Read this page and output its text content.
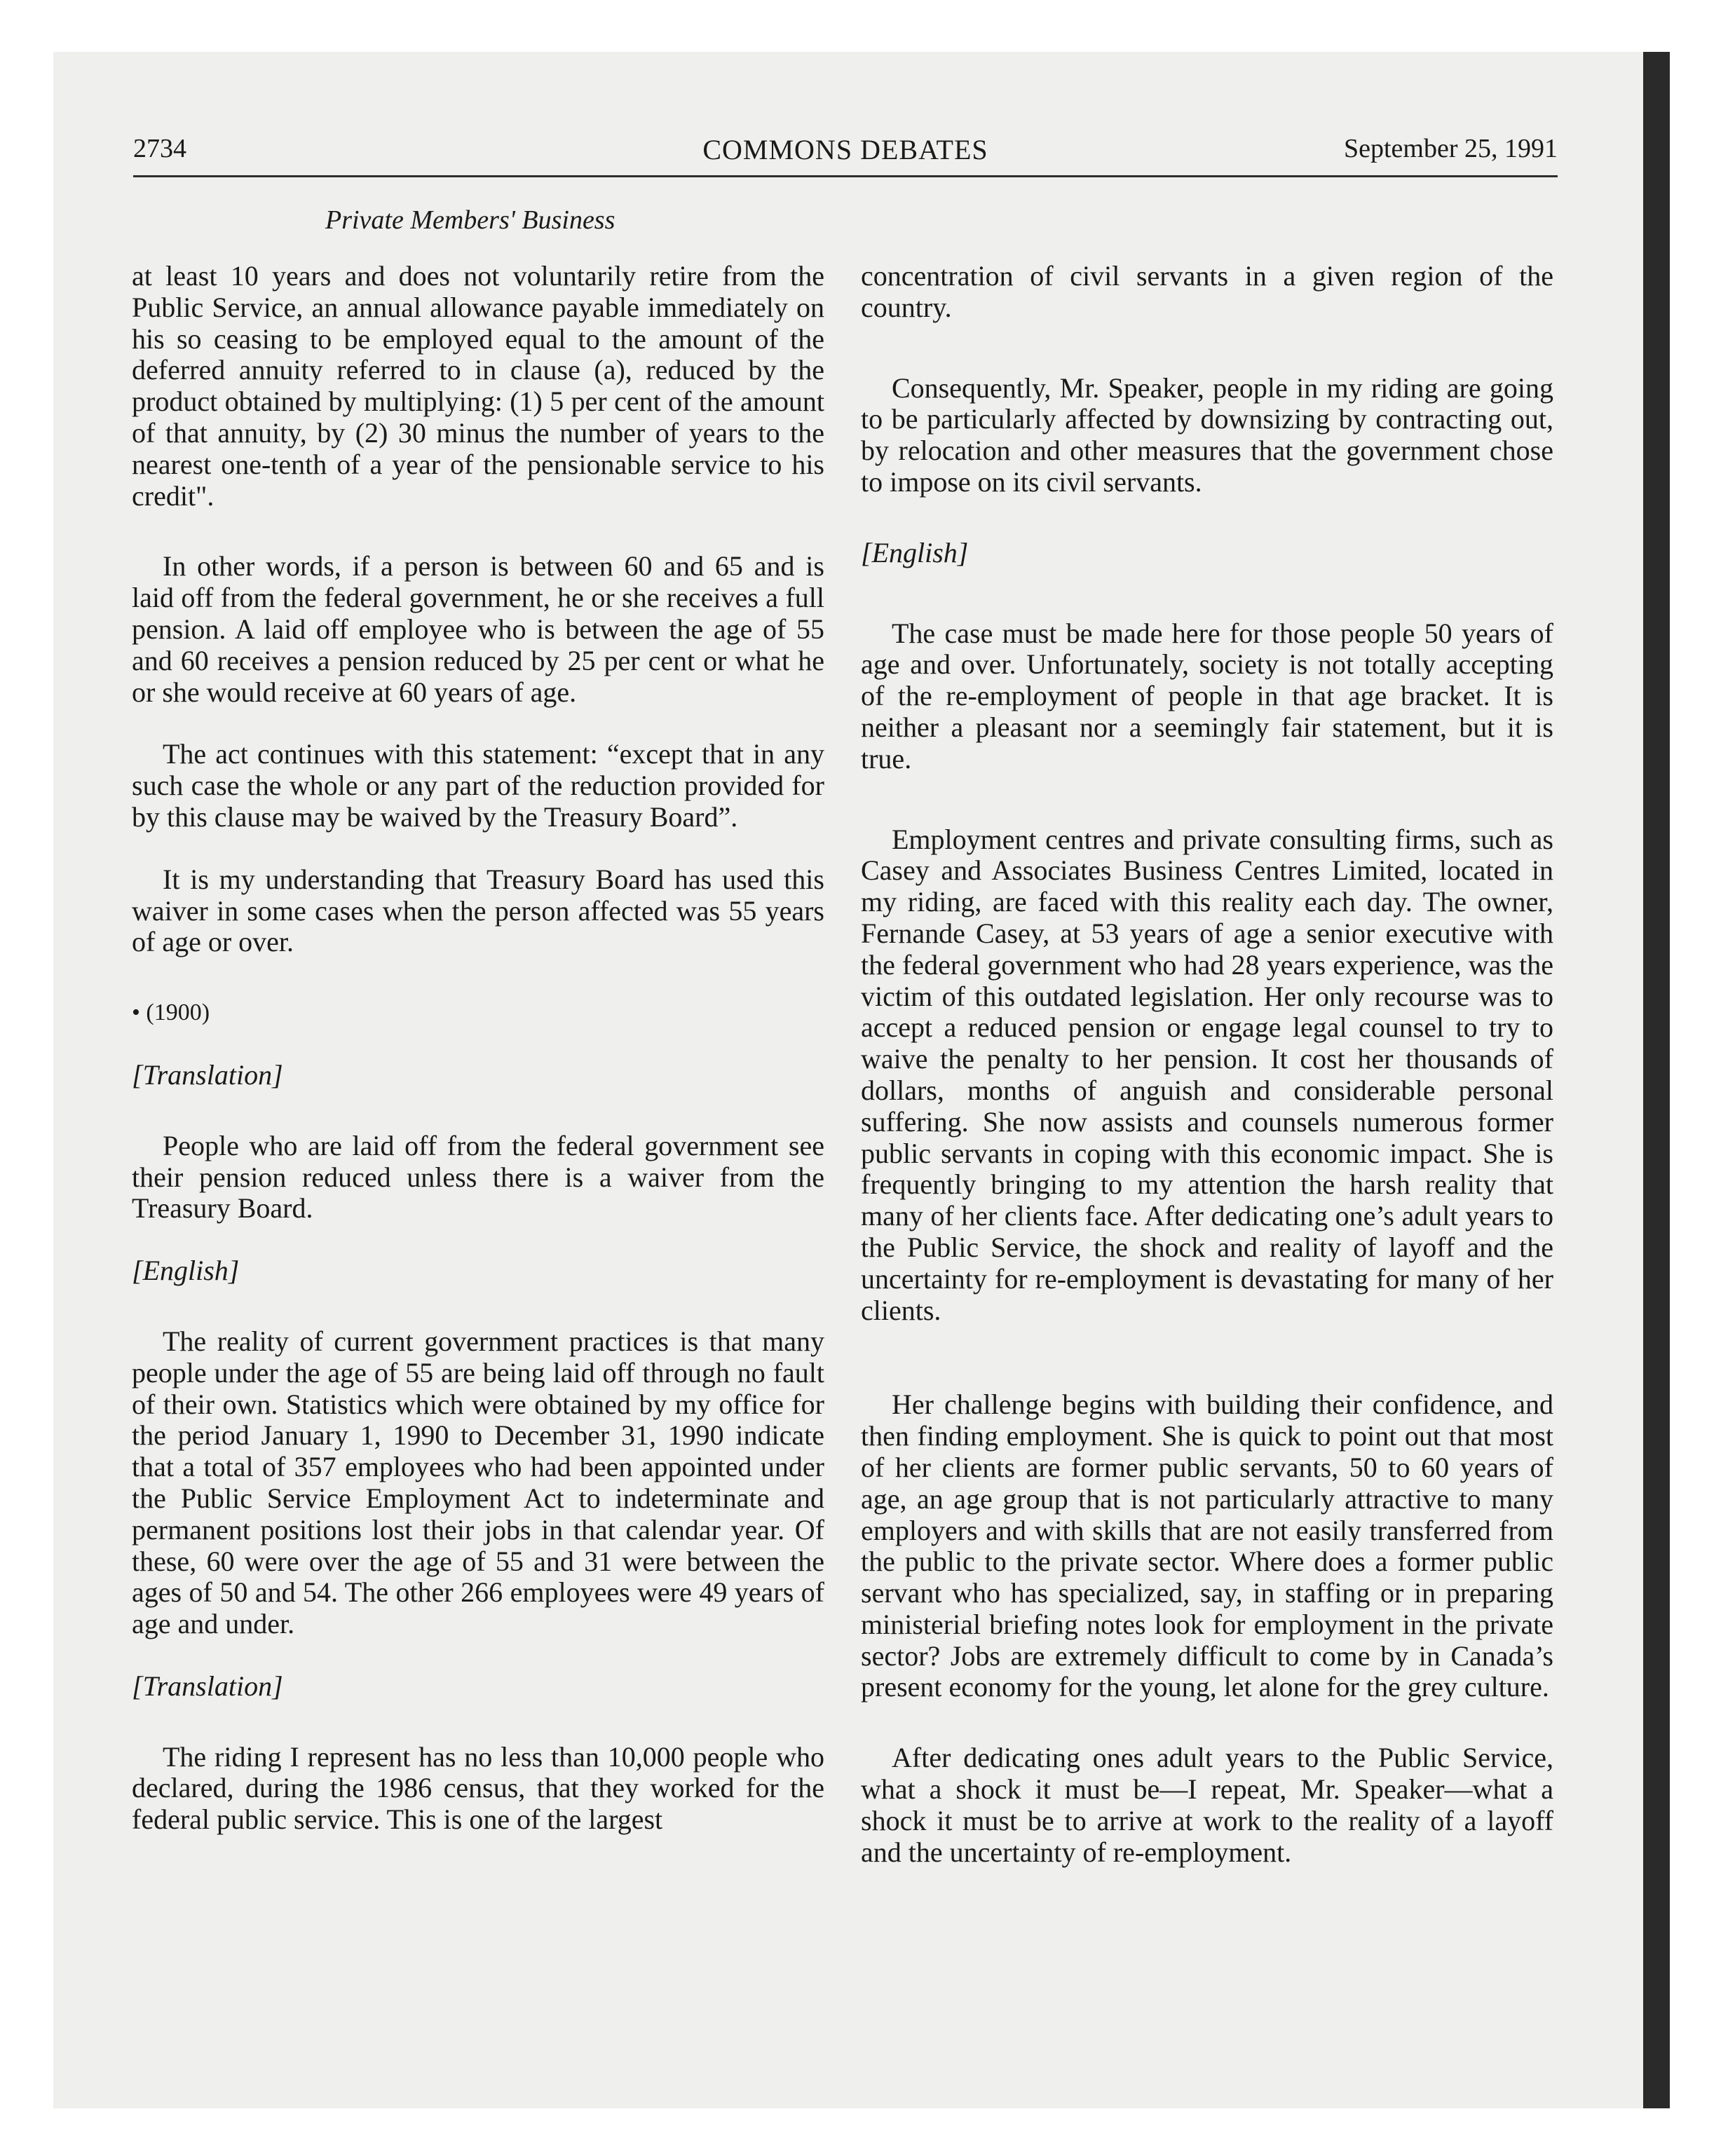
2734	COMMONS DEBATES	September 25, 1991
Private Members' Business

at least 10 years and does not voluntarily retire from the Public Service, an annual allowance payable immediately on his so ceasing to be employed equal to the amount of the deferred annuity referred to in clause (a), reduced by the product obtained by multiplying: (1) 5 per cent of the amount of that annuity, by (2) 30 minus the number of years to the nearest one-tenth of a year of the pensionable service to his credit".

In other words, if a person is between 60 and 65 and is laid off from the federal government, he or she receives a full pension. A laid off employee who is between the age of 55 and 60 receives a pension reduced by 25 per cent or what he or she would receive at 60 years of age.

The act continues with this statement: “except that in any such case the whole or any part of the reduction provided for by this clause may be waived by the Treasury Board”.

It is my understanding that Treasury Board has used this waiver in some cases when the person affected was 55 years of age or over.

• (1900)

[Translation]

People who are laid off from the federal government see their pension reduced unless there is a waiver from the Treasury Board.

[English]

The reality of current government practices is that many people under the age of 55 are being laid off through no fault of their own. Statistics which were obtained by my office for the period January 1, 1990 to December 31, 1990 indicate that a total of 357 employees who had been appointed under the Public Service Employment Act to indeterminate and permanent positions lost their jobs in that calendar year. Of these, 60 were over the age of 55 and 31 were between the ages of 50 and 54. The other 266 employees were 49 years of age and under.

[Translation]

The riding I represent has no less than 10,000 people who declared, during the 1986 census, that they worked for the federal public service. This is one of the largest

concentration of civil servants in a given region of the country.

Consequently, Mr. Speaker, people in my riding are going to be particularly affected by downsizing by contracting out, by relocation and other measures that the government chose to impose on its civil servants.

[English]

The case must be made here for those people 50 years of age and over. Unfortunately, society is not totally accepting of the re-employment of people in that age bracket. It is neither a pleasant nor a seemingly fair statement, but it is true.

Employment centres and private consulting firms, such as Casey and Associates Business Centres Limited, located in my riding, are faced with this reality each day. The owner, Fernande Casey, at 53 years of age a senior executive with the federal government who had 28 years experience, was the victim of this outdated legislation. Her only recourse was to accept a reduced pension or engage legal counsel to try to waive the penalty to her pension. It cost her thousands of dollars, months of anguish and considerable personal suffering. She now assists and counsels numerous former public servants in coping with this economic impact. She is frequently bringing to my attention the harsh reality that many of her clients face. After dedicating one’s adult years to the Public Service, the shock and reality of layoff and the uncertainty for re-employment is devastating for many of her clients.

Her challenge begins with building their confidence, and then finding employment. She is quick to point out that most of her clients are former public servants, 50 to 60 years of age, an age group that is not particularly attractive to many employers and with skills that are not easily transferred from the public to the private sector. Where does a former public servant who has specialized, say, in staffing or in preparing ministerial briefing notes look for employment in the private sector? Jobs are extremely difficult to come by in Canada’s present economy for the young, let alone for the grey culture.

After dedicating ones adult years to the Public Service, what a shock it must be—I repeat, Mr. Speaker—what a shock it must be to arrive at work to the reality of a layoff and the uncertainty of re-employment.
